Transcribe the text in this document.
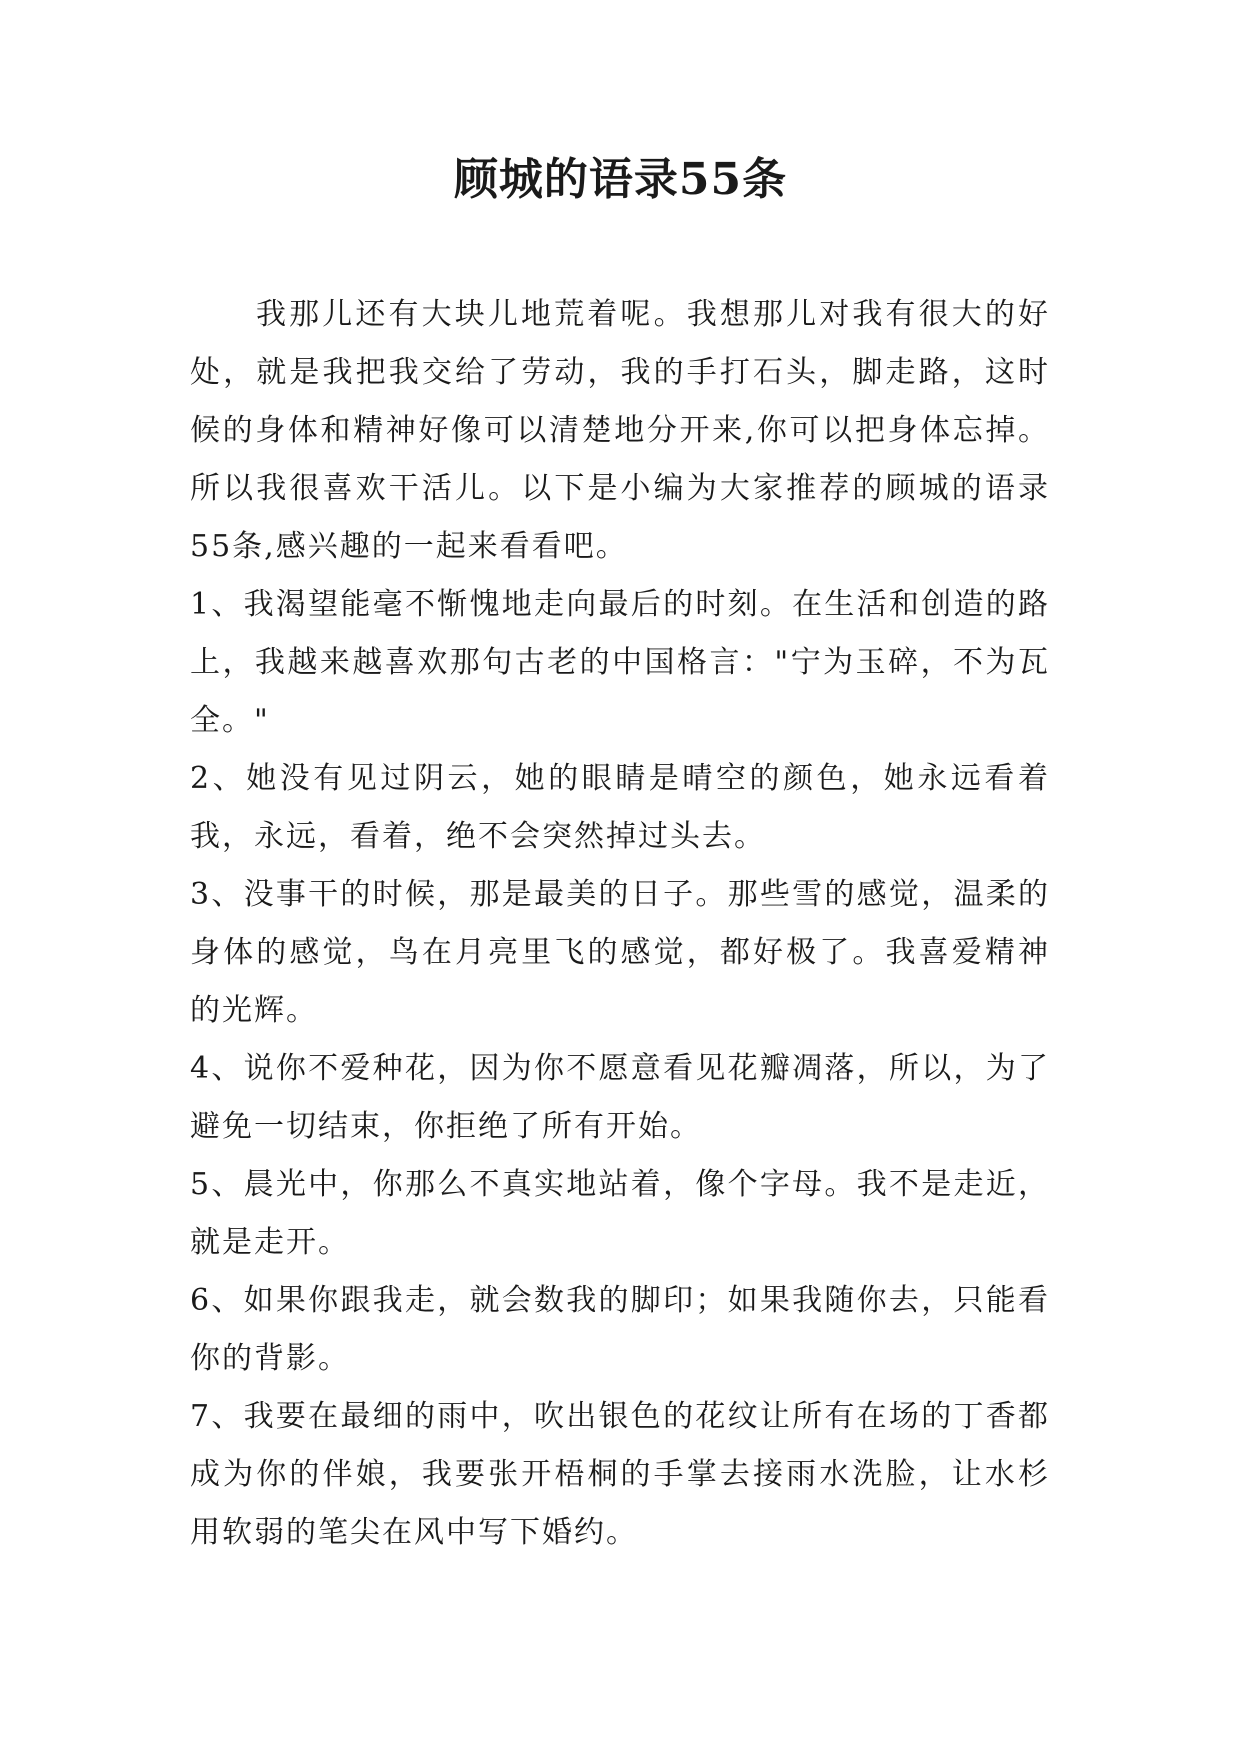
顾城的语录55条

我那儿还有大块儿地荒着呢。我想那儿对我有很大的好处，就是我把我交给了劳动，我的手打石头，脚走路，这时候的身体和精神好像可以清楚地分开来,你可以把身体忘掉。所以我很喜欢干活儿。以下是小编为大家推荐的顾城的语录55条,感兴趣的一起来看看吧。

1、我渴望能毫不惭愧地走向最后的时刻。在生活和创造的路上，我越来越喜欢那句古老的中国格言："宁为玉碎，不为瓦全。"

2、她没有见过阴云，她的眼睛是晴空的颜色，她永远看着我，永远，看着，绝不会突然掉过头去。

3、没事干的时候，那是最美的日子。那些雪的感觉，温柔的身体的感觉，鸟在月亮里飞的感觉，都好极了。我喜爱精神的光辉。

4、说你不爱种花，因为你不愿意看见花瓣凋落，所以，为了避免一切结束，你拒绝了所有开始。

5、晨光中，你那么不真实地站着，像个字母。我不是走近，就是走开。

6、如果你跟我走，就会数我的脚印；如果我随你去，只能看你的背影。

7、我要在最细的雨中，吹出银色的花纹让所有在场的丁香都成为你的伴娘，我要张开梧桐的手掌去接雨水洗脸，让水杉用软弱的笔尖在风中写下婚约。
